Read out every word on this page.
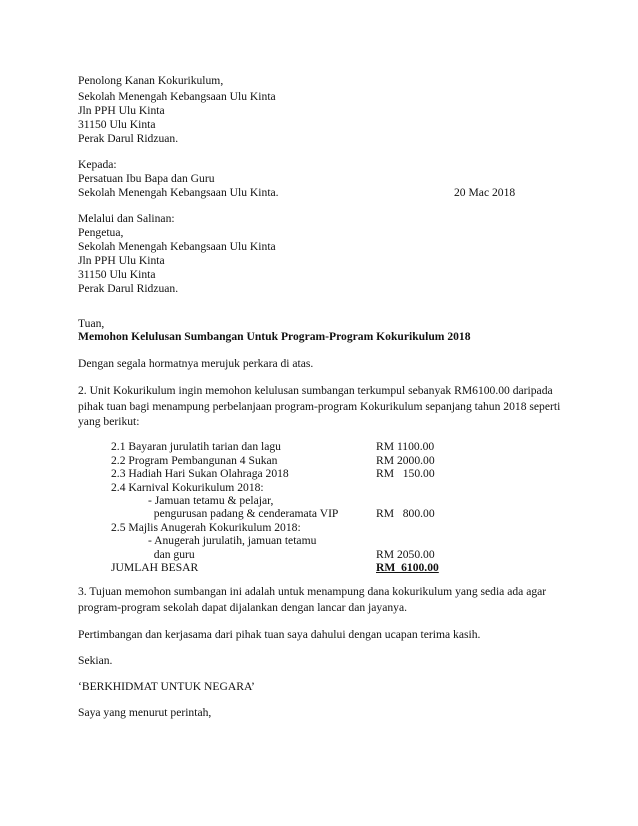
Penolong Kanan Kokurikulum,
Sekolah Menengah Kebangsaan Ulu Kinta
Jln PPH Ulu Kinta
31150 Ulu Kinta
Perak Darul Ridzuan.
Kepada:
Persatuan Ibu Bapa dan Guru
Sekolah Menengah Kebangsaan Ulu Kinta.	20 Mac 2018
Melalui dan Salinan:
Pengetua,
Sekolah Menengah Kebangsaan Ulu Kinta
Jln PPH Ulu Kinta
31150 Ulu Kinta
Perak Darul Ridzuan.
Tuan,
Memohon Kelulusan Sumbangan Untuk Program-Program Kokurikulum 2018
Dengan segala hormatnya merujuk perkara di atas.
2. Unit Kokurikulum ingin memohon kelulusan sumbangan terkumpul sebanyak RM6100.00 daripada
pihak tuan bagi menampung perbelanjaan program-program Kokurikulum sepanjang tahun 2018 seperti
yang berikut:
2.1 Bayaran jurulatih tarian dan lagu	RM 1100.00
2.2 Program Pembangunan 4 Sukan	RM 2000.00
2.3 Hadiah Hari Sukan Olahraga 2018	RM   150.00
2.4 Karnival Kokurikulum 2018:
- Jamuan tetamu & pelajar,
pengurusan padang & cenderamata VIP	RM   800.00
2.5 Majlis Anugerah Kokurikulum 2018:
- Anugerah jurulatih, jamuan tetamu
dan guru	RM 2050.00
JUMLAH BESAR	RM  6100.00
3. Tujuan memohon sumbangan ini adalah untuk menampung dana kokurikulum yang sedia ada agar
program-program sekolah dapat dijalankan dengan lancar dan jayanya.
Pertimbangan dan kerjasama dari pihak tuan saya dahului dengan ucapan terima kasih.
Sekian.
‘BERKHIDMAT UNTUK NEGARA’
Saya yang menurut perintah,
